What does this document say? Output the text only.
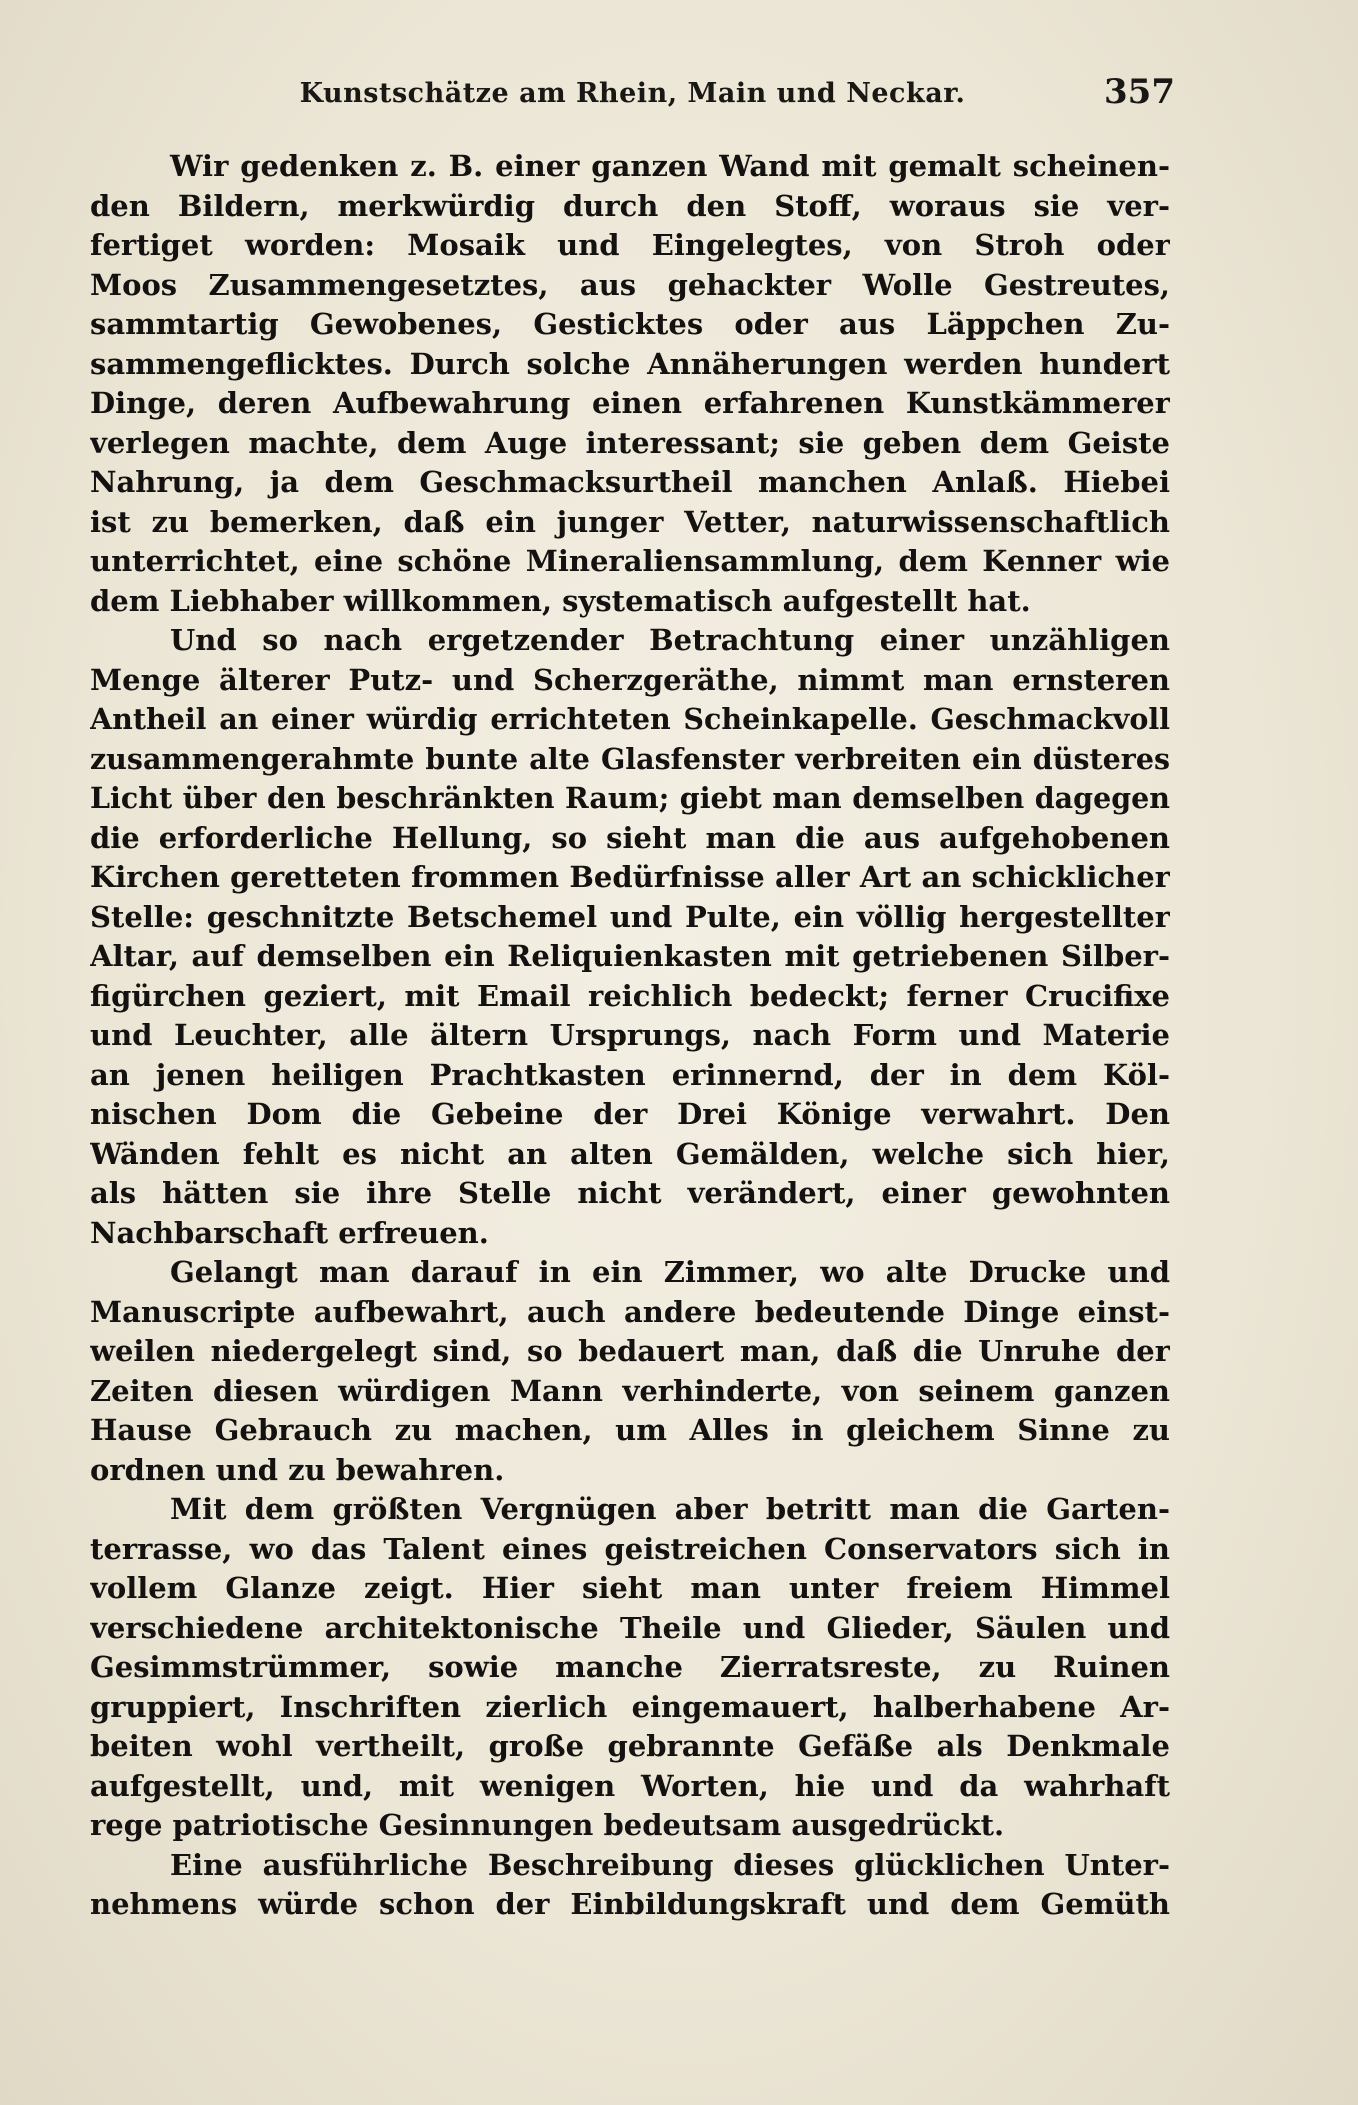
Kunstschätze am Rhein, Main und Neckar.	357
Wir gedenken z. B. einer ganzen Wand mit gemalt scheinen-
den Bildern, merkwürdig durch den Stoff, woraus sie ver-
fertiget worden: Mosaik und Eingelegtes, von Stroh oder
Moos Zusammengesetztes, aus gehackter Wolle Gestreutes,
sammtartig Gewobenes, Gesticktes oder aus Läppchen Zu-
sammengeflicktes. Durch solche Annäherungen werden hundert
Dinge, deren Aufbewahrung einen erfahrenen Kunstkämmerer
verlegen machte, dem Auge interessant; sie geben dem Geiste
Nahrung, ja dem Geschmacksurtheil manchen Anlaß. Hiebei
ist zu bemerken, daß ein junger Vetter, naturwissenschaftlich
unterrichtet, eine schöne Mineraliensammlung, dem Kenner wie
dem Liebhaber willkommen, systematisch aufgestellt hat.
Und so nach ergetzender Betrachtung einer unzähligen
Menge älterer Putz- und Scherzgeräthe, nimmt man ernsteren
Antheil an einer würdig errichteten Scheinkapelle. Geschmackvoll
zusammengerahmte bunte alte Glasfenster verbreiten ein düsteres
Licht über den beschränkten Raum; giebt man demselben dagegen
die erforderliche Hellung, so sieht man die aus aufgehobenen
Kirchen geretteten frommen Bedürfnisse aller Art an schicklicher
Stelle: geschnitzte Betschemel und Pulte, ein völlig hergestellter
Altar, auf demselben ein Reliquienkasten mit getriebenen Silber-
figürchen geziert, mit Email reichlich bedeckt; ferner Crucifixe
und Leuchter, alle ältern Ursprungs, nach Form und Materie
an jenen heiligen Prachtkasten erinnernd, der in dem Köl-
nischen Dom die Gebeine der Drei Könige verwahrt. Den
Wänden fehlt es nicht an alten Gemälden, welche sich hier,
als hätten sie ihre Stelle nicht verändert, einer gewohnten
Nachbarschaft erfreuen.
Gelangt man darauf in ein Zimmer, wo alte Drucke und
Manuscripte aufbewahrt, auch andere bedeutende Dinge einst-
weilen niedergelegt sind, so bedauert man, daß die Unruhe der
Zeiten diesen würdigen Mann verhinderte, von seinem ganzen
Hause Gebrauch zu machen, um Alles in gleichem Sinne zu
ordnen und zu bewahren.
Mit dem größten Vergnügen aber betritt man die Garten-
terrasse, wo das Talent eines geistreichen Conservators sich in
vollem Glanze zeigt. Hier sieht man unter freiem Himmel
verschiedene architektonische Theile und Glieder, Säulen und
Gesimmstrümmer, sowie manche Zierratsreste, zu Ruinen
gruppiert, Inschriften zierlich eingemauert, halberhabene Ar-
beiten wohl vertheilt, große gebrannte Gefäße als Denkmale
aufgestellt, und, mit wenigen Worten, hie und da wahrhaft
rege patriotische Gesinnungen bedeutsam ausgedrückt.
Eine ausführliche Beschreibung dieses glücklichen Unter-
nehmens würde schon der Einbildungskraft und dem Gemüth
